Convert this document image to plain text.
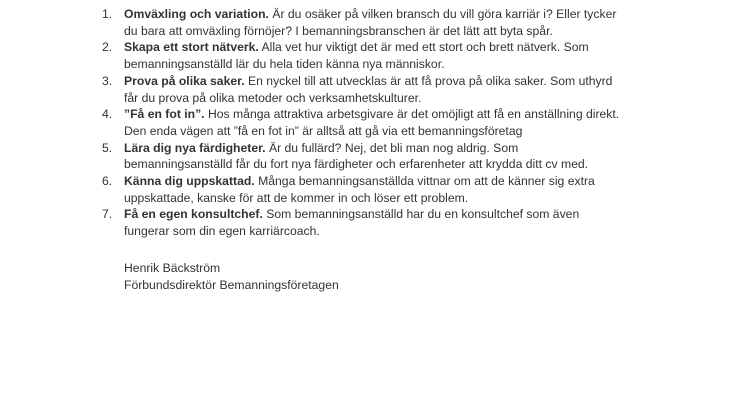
1. Omväxling och variation. Är du osäker på vilken bransch du vill göra karriär i? Eller tycker du bara att omväxling förnöjer? I bemanningsbranschen är det lätt att byta spår.
2. Skapa ett stort nätverk. Alla vet hur viktigt det är med ett stort och brett nätverk. Som bemanningsanställd lär du hela tiden känna nya människor.
3. Prova på olika saker. En nyckel till att utvecklas är att få prova på olika saker. Som uthyrd får du prova på olika metoder och verksamhetskulturer.
4. ”Få en fot in”. Hos många attraktiva arbetsgivare är det omöjligt att få en anställning direkt. Den enda vägen att ”få en fot in” är alltså att gå via ett bemanningsföretag
5. Lära dig nya färdigheter. Är du fullärd? Nej, det bli man nog aldrig. Som bemanningsanställd får du fort nya färdigheter och erfarenheter att krydda ditt cv med.
6. Känna dig uppskattad. Många bemanningsanställda vittnar om att de känner sig extra uppskattade, kanske för att de kommer in och löser ett problem.
7. Få en egen konsultchef. Som bemanningsanställd har du en konsultchef som även fungerar som din egen karriärcoach.
Henrik Bäckström
Förbundsdirektör Bemanningsföretagen
